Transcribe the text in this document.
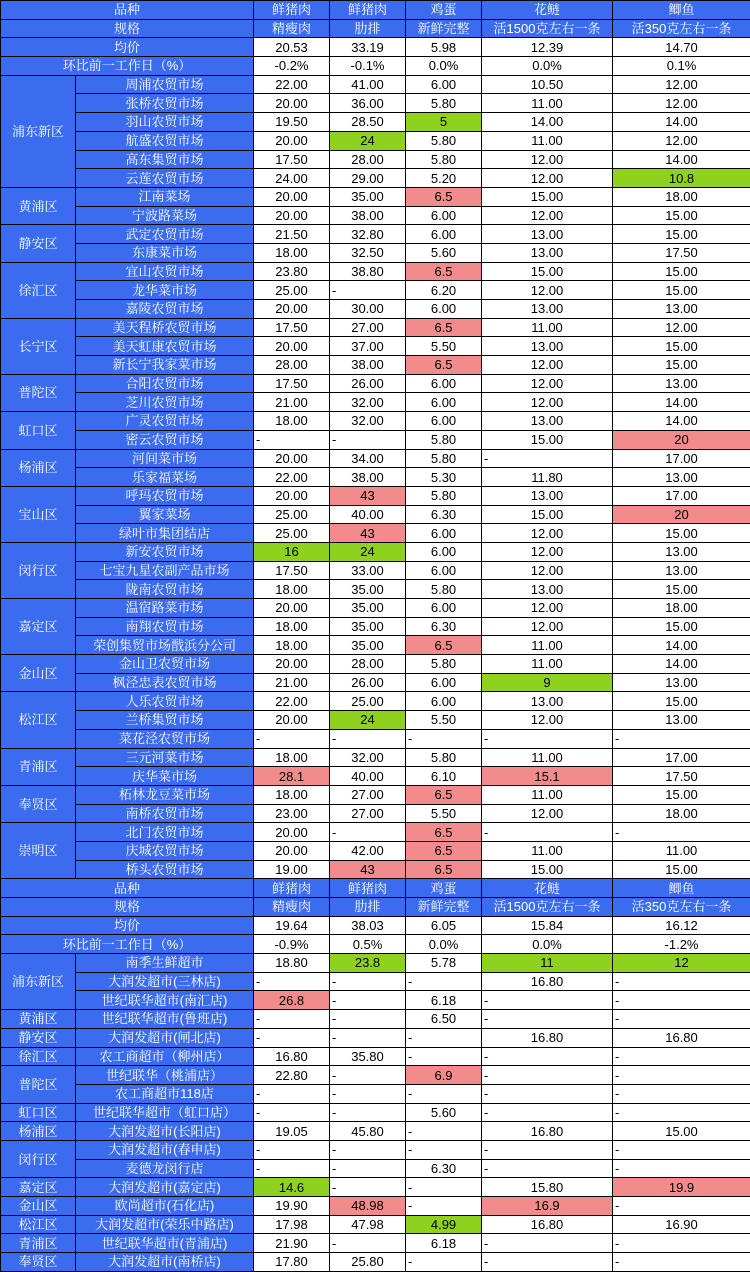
品种		鲜猪肉	鲜猪肉	鸡蛋	花鲢	鲫鱼
规格		精瘦肉	肋排	新鲜完整	活1500克左右一条	活350克左右一条
均价		20.53	33.19	5.98	12.39	14.70
环比前一工作日（%）		-0.2%	-0.1%	0.0%	0.0%	0.1%
浦东新区	周浦农贸市场	22.00	41.00	6.00	10.50	12.00
	张桥农贸市场	20.00	36.00	5.80	11.00	12.00
	羽山农贸市场	19.50	28.50	5	14.00	14.00
	航盛农贸市场	20.00	24	5.80	11.00	12.00
	高东集贸市场	17.50	28.00	5.80	12.00	14.00
	云莲农贸市场	24.00	29.00	5.20	12.00	10.8
黄浦区	江南菜场	20.00	35.00	6.5	15.00	18.00
	宁波路菜场	20.00	38.00	6.00	12.00	15.00
静安区	武定农贸市场	21.50	32.80	6.00	13.00	15.00
	东康菜市场	18.00	32.50	5.60	13.00	17.50
徐汇区	宜山农贸市场	23.80	38.80	6.5	15.00	15.00
	龙华菜市场	25.00	-	6.20	12.00	15.00
	嘉陵农贸市场	20.00	30.00	6.00	13.00	13.00
长宁区	美天程桥农贸市场	17.50	27.00	6.5	11.00	12.00
	美天虹康农贸市场	20.00	37.00	5.50	13.00	15.00
	新长宁我家菜市场	28.00	38.00	6.5	12.00	15.00
普陀区	合阳农贸市场	17.50	26.00	6.00	12.00	13.00
	芝川农贸市场	21.00	32.00	6.00	12.00	14.00
虹口区	广灵农贸市场	18.00	32.00	6.00	13.00	14.00
	密云农贸市场	-	-	5.80	15.00	20
杨浦区	河间菜市场	20.00	34.00	5.80	-	17.00
	乐家福菜场	22.00	38.00	5.30	11.80	13.00
宝山区	呼玛农贸市场	20.00	43	5.80	13.00	17.00
	翼家菜场	25.00	40.00	6.30	15.00	20
	绿叶市集团结店	25.00	43	6.00	12.00	15.00
闵行区	新安农贸市场	16	24	6.00	12.00	13.00
	七宝九星农副产品市场	17.50	33.00	6.00	12.00	13.00
	陇南农贸市场	18.00	35.00	5.80	13.00	15.00
嘉定区	温宿路菜市场	20.00	35.00	6.00	12.00	18.00
	南翔农贸市场	18.00	35.00	6.30	12.00	15.00
	荣创集贸市场戬浜分公司	18.00	35.00	6.5	11.00	14.00
金山区	金山卫农贸市场	20.00	28.00	5.80	11.00	14.00
	枫泾忠表农贸市场	21.00	26.00	6.00	9	13.00
松江区	人乐农贸市场	22.00	25.00	6.00	13.00	15.00
	兰桥集贸市场	20.00	24	5.50	12.00	13.00
	菜花泾农贸市场	-	-	-	-	-
青浦区	三元河菜市场	18.00	32.00	5.80	11.00	17.00
	庆华菜市场	28.1	40.00	6.10	15.1	17.50
奉贤区	柘林龙豆菜市场	18.00	27.00	6.5	11.00	15.00
	南桥农贸市场	23.00	27.00	5.50	12.00	18.00
崇明区	北门农贸市场	20.00	-	6.5	-	-
	庆城农贸市场	20.00	42.00	6.5	11.00	11.00
	桥头农贸市场	19.00	43	6.5	15.00	15.00
品种		鲜猪肉	鲜猪肉	鸡蛋	花鲢	鲫鱼
规格		精瘦肉	肋排	新鲜完整	活1500克左右一条	活350克左右一条
均价		19.64	38.03	6.05	15.84	16.12
环比前一工作日（%）		-0.9%	0.5%	0.0%	0.0%	-1.2%
浦东新区	南季生鲜超市	18.80	23.8	5.78	11	12
	大润发超市(三林店)	-	-	-	16.80	-
	世纪联华超市(南汇店)	26.8	-	6.18	-	-
黄浦区	世纪联华超市(鲁班店)	-	-	6.50	-	-
静安区	大润发超市(闸北店)	-	-	-	16.80	16.80
徐汇区	农工商超市（柳州店）	16.80	35.80	-	-	-
普陀区	世纪联华（桃浦店）	22.80	-	6.9	-	-
	农工商超市118店	-	-	-	-	-
虹口区	世纪联华超市（虹口店）	-	-	5.60	-	-
杨浦区	大润发超市(长阳店)	19.05	45.80	-	16.80	15.00
闵行区	大润发超市(春申店)	-	-	-	-	-
	麦德龙闵行店	-	-	6.30	-	-
嘉定区	大润发超市(嘉定店)	14.6	-	-	15.80	19.9
金山区	欧尚超市(石化店)	19.90	48.98	-	16.9	-
松江区	大润发超市(荣乐中路店)	17.98	47.98	4.99	16.80	16.90
青浦区	世纪联华超市(青浦店)	21.90	-	6.18	-	-
奉贤区	大润发超市(南桥店)	17.80	25.80	-	-	-
